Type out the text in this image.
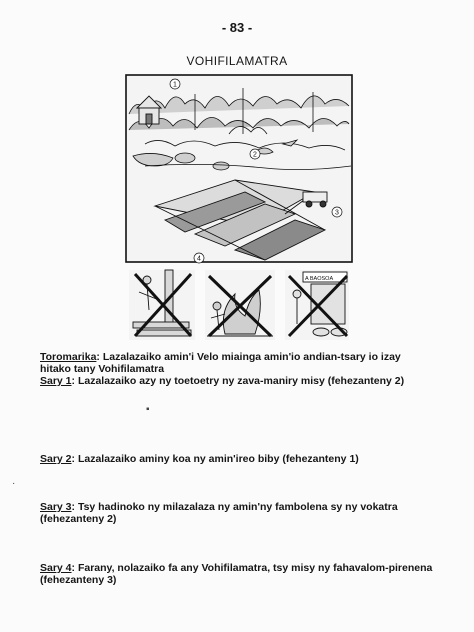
- 83 -
VOHIFILAMATRA
1
2
3
4
A BAOSOA
Toromarika: Lazalazaiko amin'i Velo miainga amin'io andian-tsary io izay
hitako tany Vohifilamatra
Sary 1: Lazalazaiko azy ny toetoetry ny zava-maniry misy (fehezanteny 2)
Sary 2: Lazalazaiko aminy koa ny amin'ireo biby (fehezanteny 1)
Sary 3: Tsy hadinoko ny milazalaza ny amin'ny fambolena sy ny vokatra
(fehezanteny 2)
Sary 4: Farany, nolazaiko fa any Vohifilamatra, tsy misy ny fahavalom-pirenena
(fehezanteny 3)
▪
·
